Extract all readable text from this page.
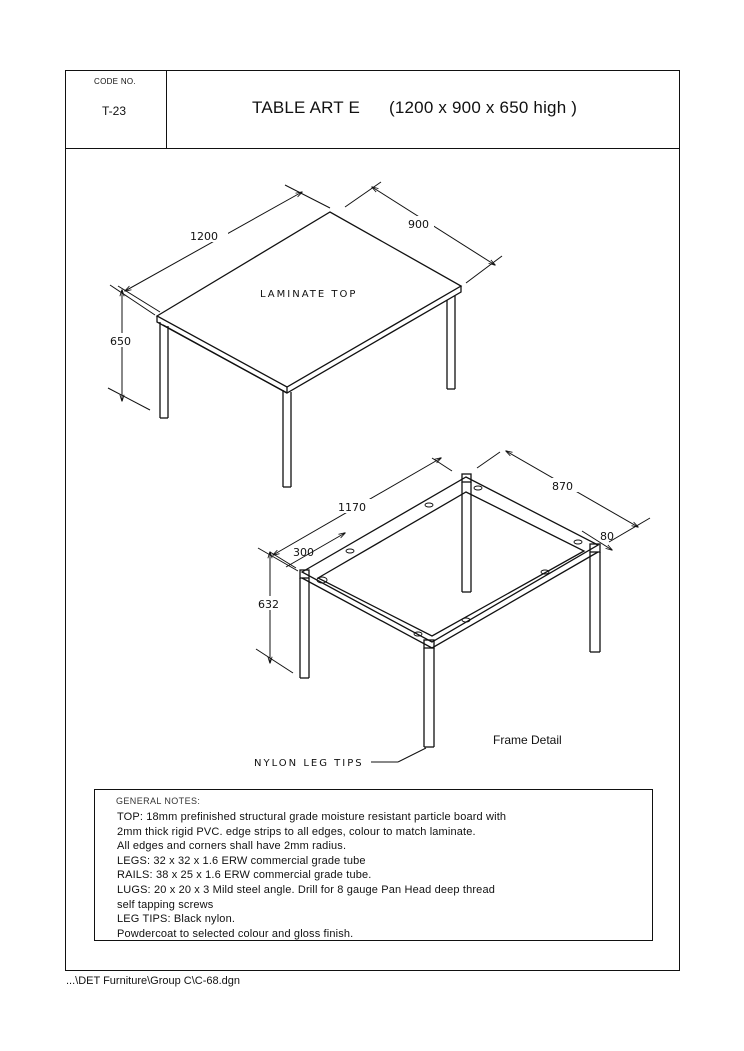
CODE NO.
T-23	TABLE ART E (1200 x 900 x 650 high )
GENERAL NOTES:
TOP: 18mm prefinished structural grade moisture resistant particle board with
2mm thick rigid PVC. edge strips to all edges, colour to match laminate.
All edges and corners shall have 2mm radius.
LEGS: 32 x 32 x 1.6 ERW commercial grade tube
RAILS: 38 x 25 x 1.6 ERW commercial grade tube.
LUGS: 20 x 20 x 3 Mild steel angle. Drill for 8 gauge Pan Head deep thread
self tapping screws
LEG TIPS: Black nylon.
Powdercoat to selected colour and gloss finish.
1200
900
650
LAMINATE TOP
1170
870
80
632
300
NYLON LEG TIPS
Frame Detail
...\DET Furniture\Group C\C-68.dgn
